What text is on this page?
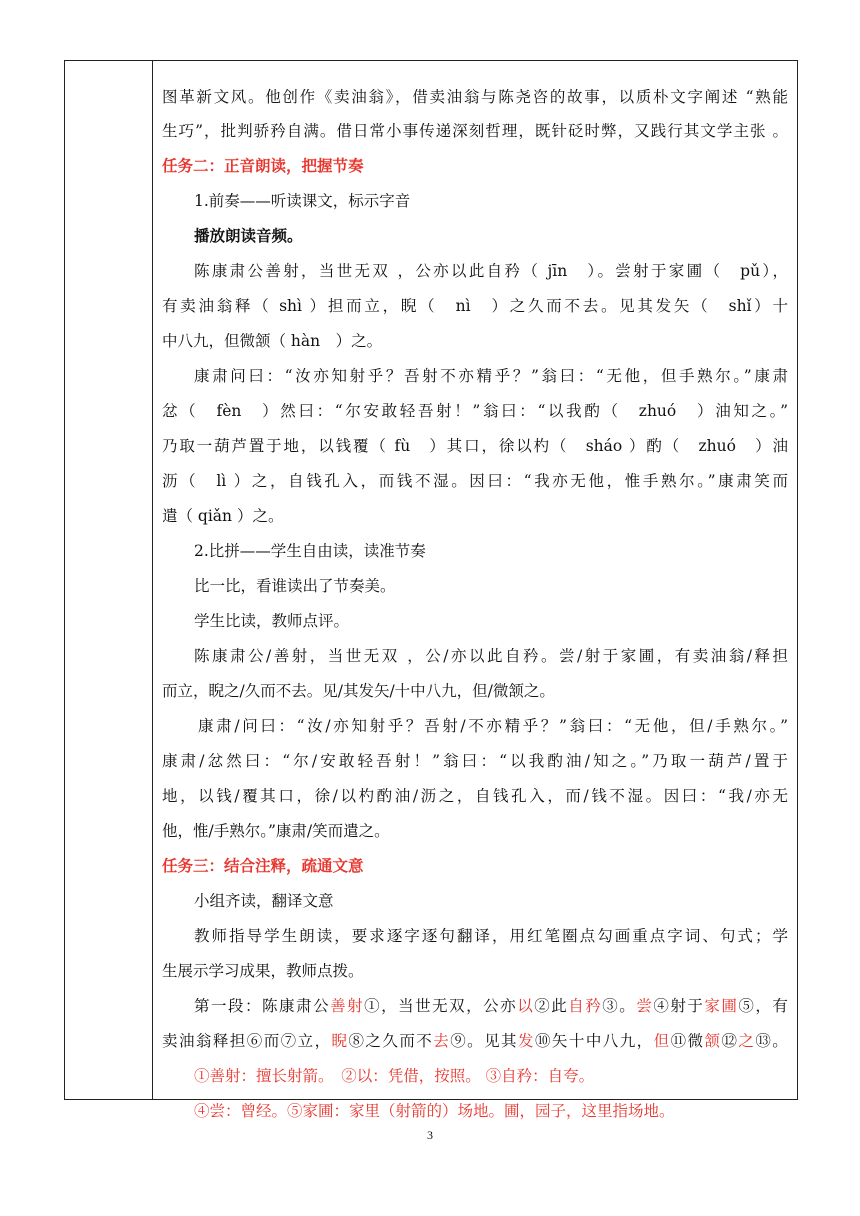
图革新文风。他创作《卖油翁》，借卖油翁与陈尧咨的故事，以质朴文字阐述 “熟能
生巧”，批判骄矜自满。借日常小事传递深刻哲理，既针砭时弊，又践行其文学主张 。
任务二：正音朗读，把握节奏
1.前奏——听读课文，标示字音
播放朗读音频。
陈康肃公善射，当世无双 ，公亦以此自矜（ jīn　）。尝射于家圃（　pǔ），
有卖油翁释（ shì ）担而立，睨（　nì　）之久而不去。见其发矢（　shǐ）十
中八九，但微颔（ hàn　）之。
康肃问曰：“汝亦知射乎？吾射不亦精乎？”翁曰：“无他，但手熟尔。”康肃
忿（　fèn　）然曰：“尔安敢轻吾射！”翁曰：“以我酌（　zhuó　）油知之。”
乃取一葫芦置于地，以钱覆（ fù　）其口，徐以杓（　sháo ）酌（　zhuó　）油
沥（　lì ）之，自钱孔入，而钱不湿。因曰：“我亦无他，惟手熟尔。”康肃笑而
遣（ qiǎn ）之。
2.比拼——学生自由读，读准节奏
比一比，看谁读出了节奏美。
学生比读，教师点评。
陈康肃公/善射，当世无双 ，公/亦以此自矜。尝/射于家圃，有卖油翁/释担
而立，睨之/久而不去。见/其发矢/十中八九，但/微颔之。
康肃/问曰：“汝/亦知射乎？吾射/不亦精乎？”翁曰：“无他，但/手熟尔。”
康肃/忿然曰：“尔/安敢轻吾射！”翁曰：“以我酌油/知之。”乃取一葫芦/置于
地，以钱/覆其口，徐/以杓酌油/沥之，自钱孔入，而/钱不湿。因曰：“我/亦无
他，惟/手熟尔。”康肃/笑而遣之。
任务三：结合注释，疏通文意
小组齐读，翻译文意
教师指导学生朗读，要求逐字逐句翻译，用红笔圈点勾画重点字词、句式；学
生展示学习成果，教师点拨。
第一段：陈康肃公善射①，当世无双，公亦以②此自矜③。尝④射于家圃⑤，有
卖油翁释担⑥而⑦立，睨⑧之久而不去⑨。见其发⑩矢十中八九，但⑪微颔⑫之⑬。
①善射：擅长射箭。　②以：凭借，按照。 ③自矜：自夸。
④尝：曾经。⑤家圃：家里（射箭的）场地。圃，园子，这里指场地。
3
